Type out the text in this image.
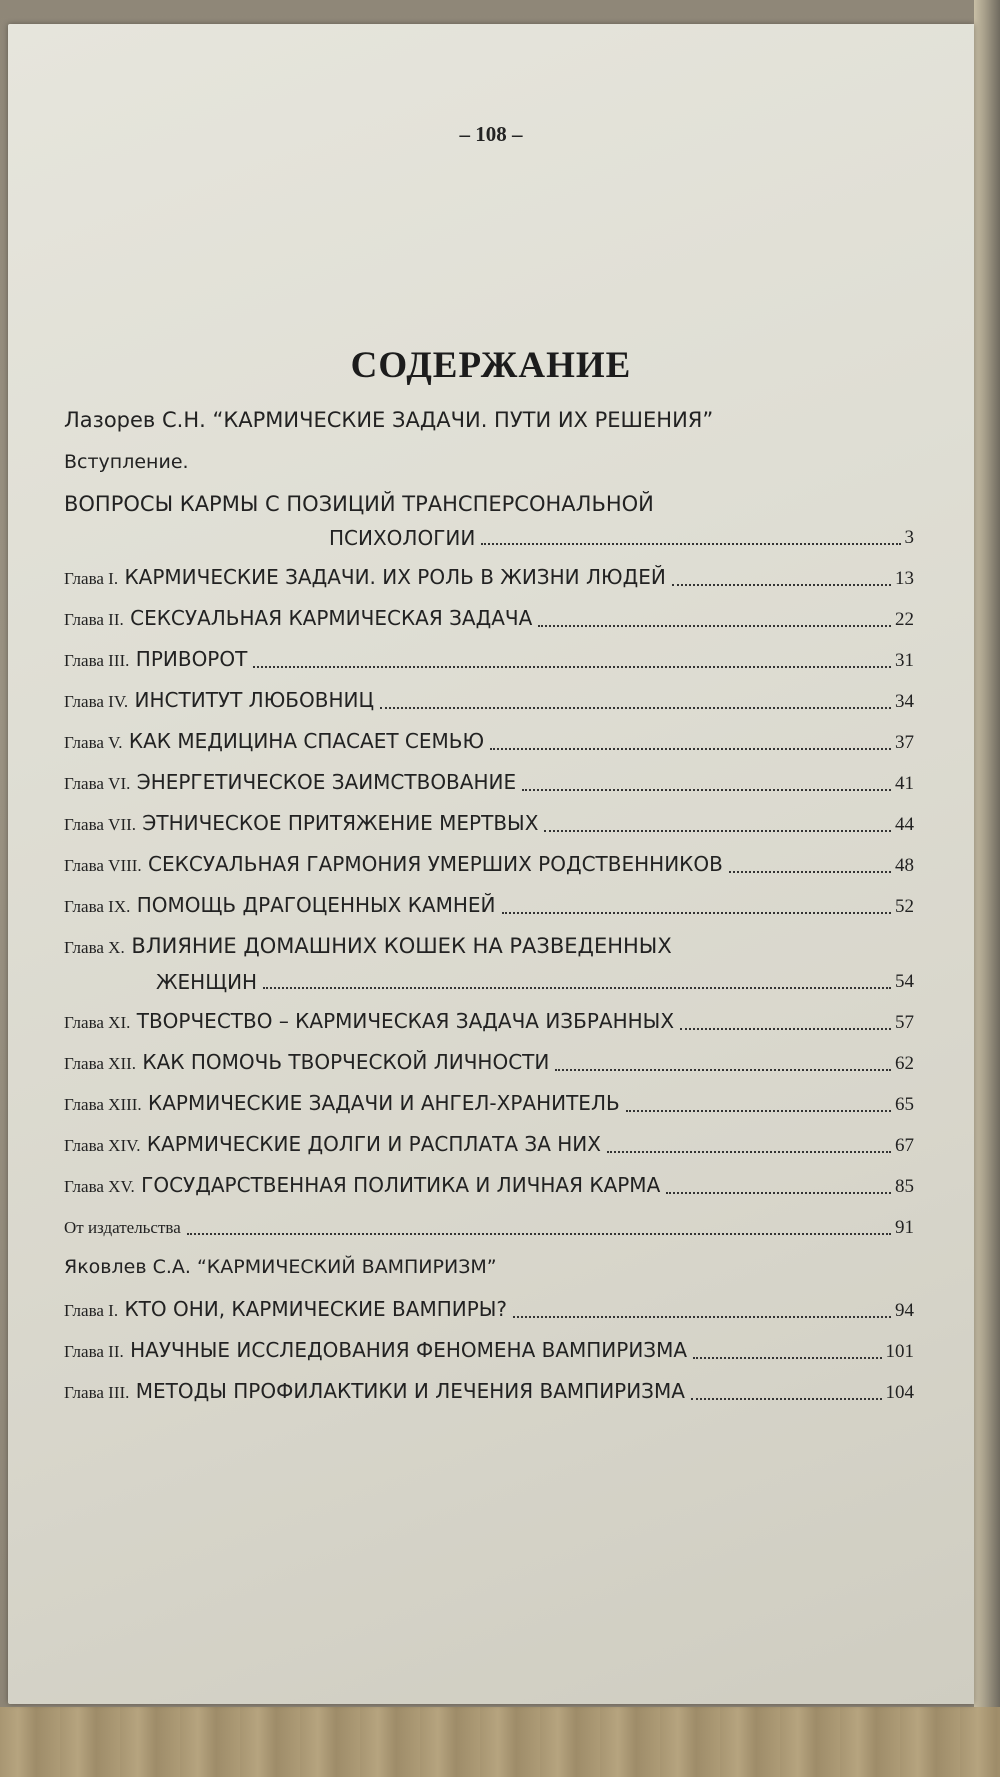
– 108 –
СОДЕРЖАНИЕ
Лазорев С.Н. “КАРМИЧЕСКИЕ ЗАДАЧИ. ПУТИ ИХ РЕШЕНИЯ”
Вступление.
ВОПРОСЫ КАРМЫ С ПОЗИЦИЙ ТРАНСПЕРСОНАЛЬНОЙ
ПСИХОЛОГИИ	3
Глава I. КАРМИЧЕСКИЕ ЗАДАЧИ. ИХ РОЛЬ В ЖИЗНИ ЛЮДЕЙ	13
Глава II. СЕКСУАЛЬНАЯ КАРМИЧЕСКАЯ ЗАДАЧА	22
Глава III. ПРИВОРОТ	31
Глава IV. ИНСТИТУТ ЛЮБОВНИЦ	34
Глава V. КАК МЕДИЦИНА СПАСАЕТ СЕМЬЮ	37
Глава VI. ЭНЕРГЕТИЧЕСКОЕ ЗАИМСТВОВАНИЕ	41
Глава VII. ЭТНИЧЕСКОЕ ПРИТЯЖЕНИЕ МЕРТВЫХ	44
Глава VIII. СЕКСУАЛЬНАЯ ГАРМОНИЯ УМЕРШИХ РОДСТВЕННИКОВ	48
Глава IX. ПОМОЩЬ ДРАГОЦЕННЫХ КАМНЕЙ	52
Глава X. ВЛИЯНИЕ ДОМАШНИХ КОШЕК НА РАЗВЕДЕННЫХ
ЖЕНЩИН	54
Глава XI. ТВОРЧЕСТВО – КАРМИЧЕСКАЯ ЗАДАЧА ИЗБРАННЫХ	57
Глава XII. КАК ПОМОЧЬ ТВОРЧЕСКОЙ ЛИЧНОСТИ	62
Глава XIII. КАРМИЧЕСКИЕ ЗАДАЧИ И АНГЕЛ-ХРАНИТЕЛЬ	65
Глава XIV. КАРМИЧЕСКИЕ ДОЛГИ И РАСПЛАТА ЗА НИХ	67
Глава XV. ГОСУДАРСТВЕННАЯ ПОЛИТИКА И ЛИЧНАЯ КАРМА	85
От издательства	91
Яковлев С.А. “КАРМИЧЕСКИЙ ВАМПИРИЗМ”
Глава I. КТО ОНИ, КАРМИЧЕСКИЕ ВАМПИРЫ?	94
Глава II. НАУЧНЫЕ ИССЛЕДОВАНИЯ ФЕНОМЕНА ВАМПИРИЗМА	101
Глава III. МЕТОДЫ ПРОФИЛАКТИКИ И ЛЕЧЕНИЯ ВАМПИРИЗМА	104
